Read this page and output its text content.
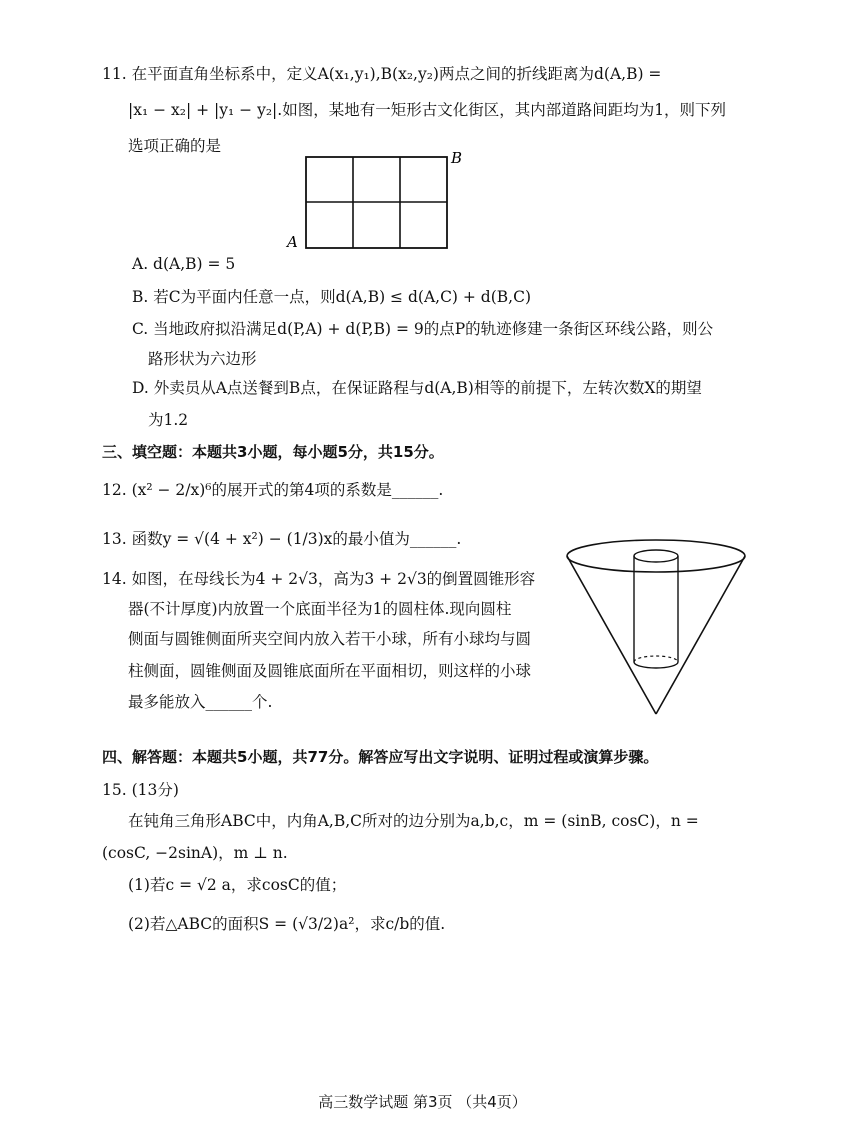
11. 在平面直角坐标系中，定义A(x₁,y₁),B(x₂,y₂)两点之间的折线距离为d(A,B) =
|x₁ − x₂| + |y₁ − y₂|.如图，某地有一矩形古文化街区，其内部道路间距均为1，则下列
选项正确的是
A
B
A. d(A,B) = 5
B. 若C为平面内任意一点，则d(A,B) ≤ d(A,C) + d(B,C)
C. 当地政府拟沿满足d(P,A) + d(P,B) = 9的点P的轨迹修建一条街区环线公路，则公
路形状为六边形
D. 外卖员从A点送餐到B点，在保证路程与d(A,B)相等的前提下，左转次数X的期望
为1.2
三、填空题：本题共3小题，每小题5分，共15分。
12. (x² − 2/x)⁶的展开式的第4项的系数是______.
13. 函数y = √(4 + x²) − (1/3)x的最小值为______.
14. 如图，在母线长为4 + 2√3，高为3 + 2√3的倒置圆锥形容
器(不计厚度)内放置一个底面半径为1的圆柱体.现向圆柱
侧面与圆锥侧面所夹空间内放入若干小球，所有小球均与圆
柱侧面，圆锥侧面及圆锥底面所在平面相切，则这样的小球
最多能放入______个.
四、解答题：本题共5小题，共77分。解答应写出文字说明、证明过程或演算步骤。
15. (13分)
在钝角三角形ABC中，内角A,B,C所对的边分别为a,b,c，m = (sinB, cosC)，n =
(cosC, −2sinA)，m ⊥ n.
(1)若c = √2 a，求cosC的值；
(2)若△ABC的面积S = (√3/2)a²，求c/b的值.
高三数学试题 第3页 （共4页）
